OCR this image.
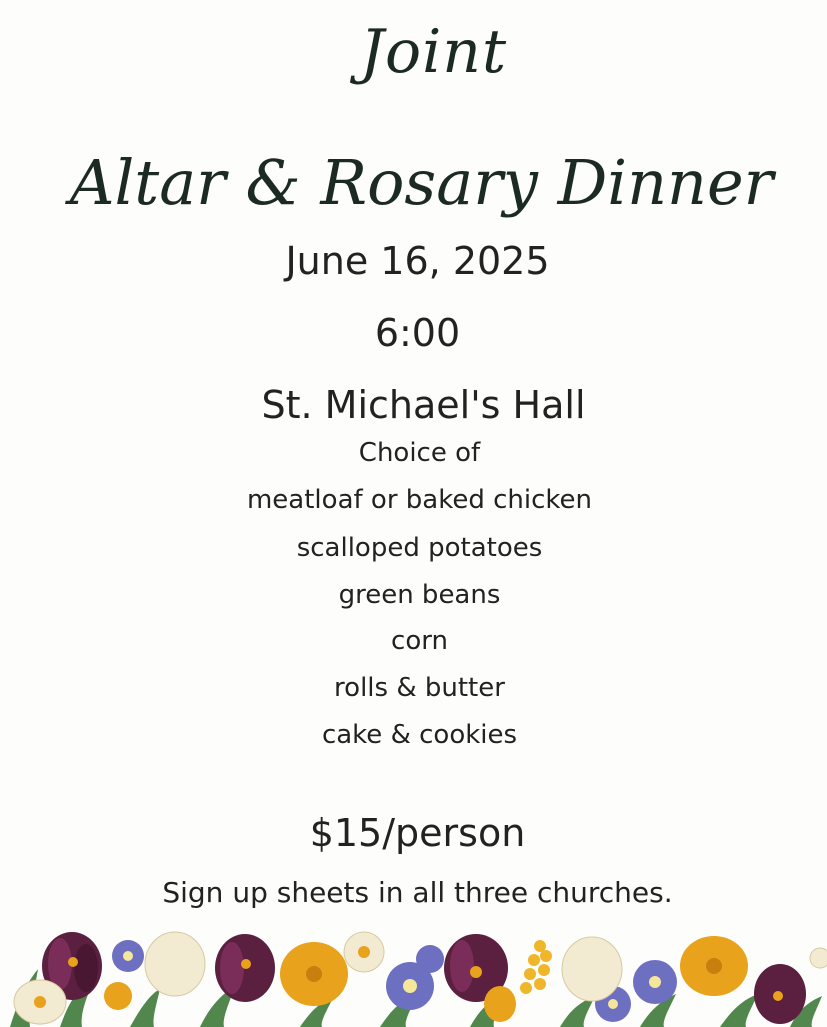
Joint
Altar & Rosary Dinner
June 16, 2025
6:00
St. Michael's Hall
Choice of
meatloaf or baked chicken
scalloped potatoes
green beans
corn
rolls & butter
cake & cookies
$15/person
Sign up sheets in all three churches.
